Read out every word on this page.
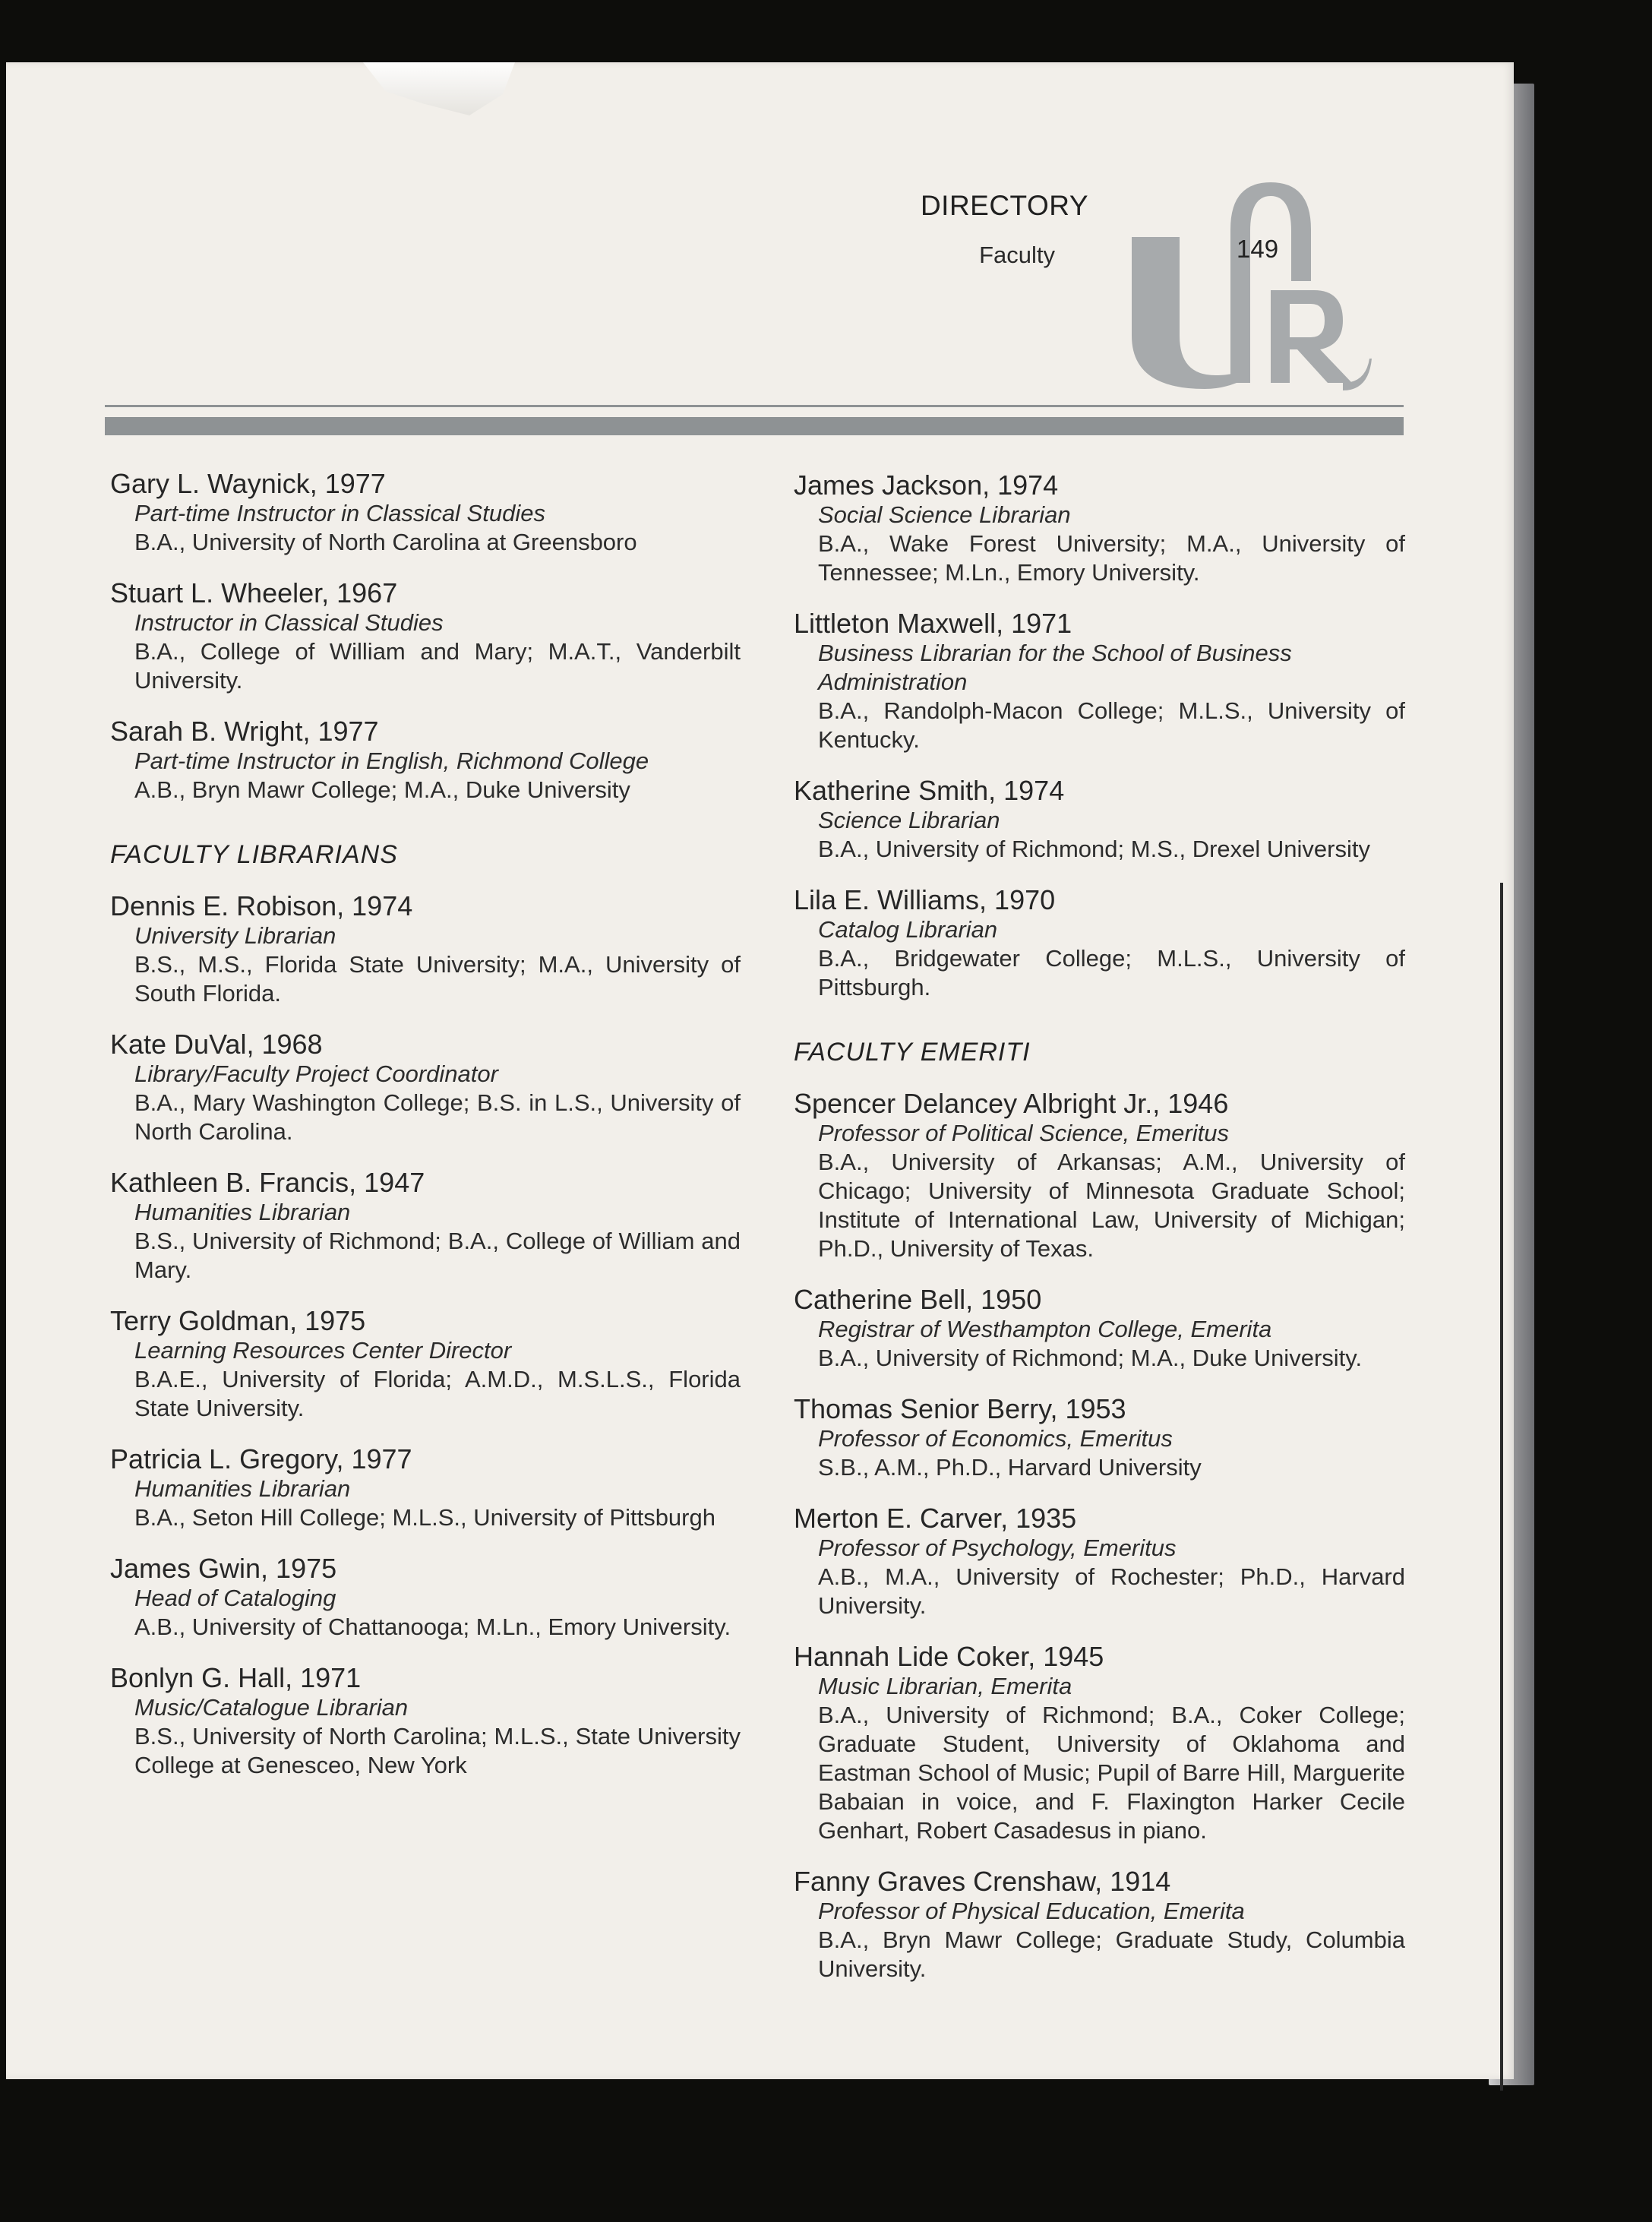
DIRECTORY
Faculty	149
Gary L. Waynick, 1977
Part-time Instructor in Classical Studies
B.A., University of North Carolina at Greensboro
Stuart L. Wheeler, 1967
Instructor in Classical Studies
B.A., College of William and Mary; M.A.T., Vanderbilt University.
Sarah B. Wright, 1977
Part-time Instructor in English, Richmond College
A.B., Bryn Mawr College; M.A., Duke University
FACULTY LIBRARIANS
Dennis E. Robison, 1974
University Librarian
B.S., M.S., Florida State University; M.A., University of South Florida.
Kate DuVal, 1968
Library/Faculty Project Coordinator
B.A., Mary Washington College; B.S. in L.S., University of North Carolina.
Kathleen B. Francis, 1947
Humanities Librarian
B.S., University of Richmond; B.A., College of William and Mary.
Terry Goldman, 1975
Learning Resources Center Director
B.A.E., University of Florida; A.M.D., M.S.L.S., Florida State University.
Patricia L. Gregory, 1977
Humanities Librarian
B.A., Seton Hill College; M.L.S., University of Pittsburgh
James Gwin, 1975
Head of Cataloging
A.B., University of Chattanooga; M.Ln., Emory University.
Bonlyn G. Hall, 1971
Music/Catalogue Librarian
B.S., University of North Carolina; M.L.S., State University College at Genesceo, New York
James Jackson, 1974
Social Science Librarian
B.A., Wake Forest University; M.A., University of Tennessee; M.Ln., Emory University.
Littleton Maxwell, 1971
Business Librarian for the School of Business Administration
B.A., Randolph-Macon College; M.L.S., University of Kentucky.
Katherine Smith, 1974
Science Librarian
B.A., University of Richmond; M.S., Drexel University
Lila E. Williams, 1970
Catalog Librarian
B.A., Bridgewater College; M.L.S., University of Pittsburgh.
FACULTY EMERITI
Spencer Delancey Albright Jr., 1946
Professor of Political Science, Emeritus
B.A., University of Arkansas; A.M., University of Chicago; University of Minnesota Graduate School; Institute of International Law, University of Michigan; Ph.D., University of Texas.
Catherine Bell, 1950
Registrar of Westhampton College, Emerita
B.A., University of Richmond; M.A., Duke University.
Thomas Senior Berry, 1953
Professor of Economics, Emeritus
S.B., A.M., Ph.D., Harvard University
Merton E. Carver, 1935
Professor of Psychology, Emeritus
A.B., M.A., University of Rochester; Ph.D., Harvard University.
Hannah Lide Coker, 1945
Music Librarian, Emerita
B.A., University of Richmond; B.A., Coker College; Graduate Student, University of Oklahoma and Eastman School of Music; Pupil of Barre Hill, Marguerite Babaian in voice, and F. Flaxington Harker Cecile Genhart, Robert Casadesus in piano.
Fanny Graves Crenshaw, 1914
Professor of Physical Education, Emerita
B.A., Bryn Mawr College; Graduate Study, Columbia University.
